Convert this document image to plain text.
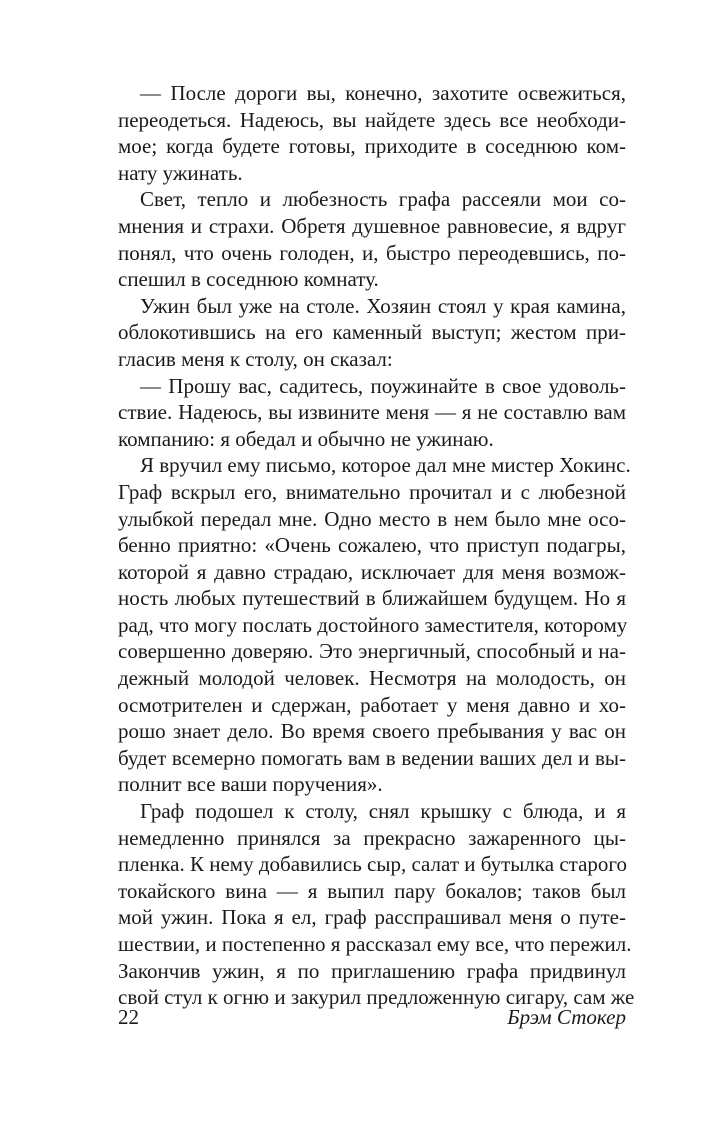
— После дороги вы, конечно, захотите освежиться,
переодеться. Надеюсь, вы найдете здесь все необходи-
мое; когда будете готовы, приходите в соседнюю ком-
нату ужинать.
Свет, тепло и любезность графа рассеяли мои со-
мнения и страхи. Обретя душевное равновесие, я вдруг
понял, что очень голоден, и, быстро переодевшись, по-
спешил в соседнюю комнату.
Ужин был уже на столе. Хозяин стоял у края камина,
облокотившись на его каменный выступ; жестом при-
гласив меня к столу, он сказал:
— Прошу вас, садитесь, поужинайте в свое удоволь-
ствие. Надеюсь, вы извините меня — я не составлю вам
компанию: я обедал и обычно не ужинаю.
Я вручил ему письмо, которое дал мне мистер Хокинс.
Граф вскрыл его, внимательно прочитал и с любезной
улыбкой передал мне. Одно место в нем было мне осо-
бенно приятно: «Очень сожалею, что приступ подагры,
которой я давно страдаю, исключает для меня возмож-
ность любых путешествий в ближайшем будущем. Но я
рад, что могу послать достойного заместителя, которому
совершенно доверяю. Это энергичный, способный и на-
дежный молодой человек. Несмотря на молодость, он
осмотрителен и сдержан, работает у меня давно и хо-
рошо знает дело. Во время своего пребывания у вас он
будет всемерно помогать вам в ведении ваших дел и вы-
полнит все ваши поручения».
Граф подошел к столу, снял крышку с блюда, и я
немедленно принялся за прекрасно зажаренного цы-
пленка. К нему добавились сыр, салат и бутылка старого
токайского вина — я выпил пару бокалов; таков был
мой ужин. Пока я ел, граф расспрашивал меня о путе-
шествии, и постепенно я рассказал ему все, что пережил.
Закончив ужин, я по приглашению графа придвинул
свой стул к огню и закурил предложенную сигару, сам же
22	Брэм Стокер
